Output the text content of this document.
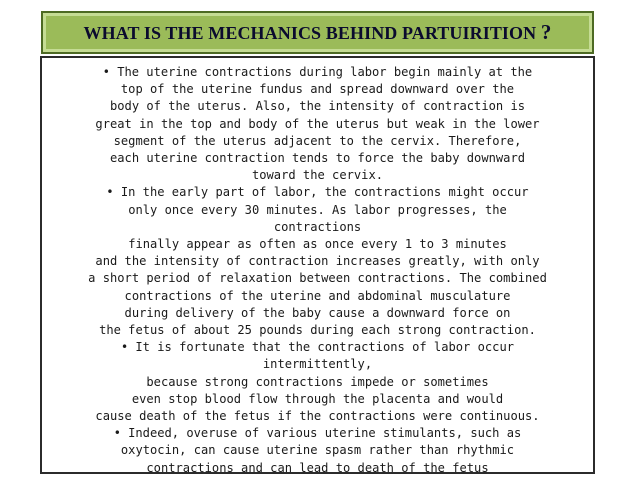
WHAT IS THE MECHANICS BEHIND PARTUIRITION ?
• The uterine contractions during labor begin mainly at the
top of the uterine fundus and spread downward over the
body of the uterus. Also, the intensity of contraction is
great in the top and body of the uterus but weak in the lower
segment of the uterus adjacent to the cervix. Therefore,
each uterine contraction tends to force the baby downward
toward the cervix.
• In the early part of labor, the contractions might occur
only once every 30 minutes. As labor progresses, the
contractions
finally appear as often as once every 1 to 3 minutes
and the intensity of contraction increases greatly, with only
a short period of relaxation between contractions. The combined
contractions of the uterine and abdominal musculature
during delivery of the baby cause a downward force on
the fetus of about 25 pounds during each strong contraction.
• It is fortunate that the contractions of labor occur
intermittently,
because strong contractions impede or sometimes
even stop blood flow through the placenta and would
cause death of the fetus if the contractions were continuous.
• Indeed, overuse of various uterine stimulants, such as
oxytocin, can cause uterine spasm rather than rhythmic
contractions and can lead to death of the fetus
